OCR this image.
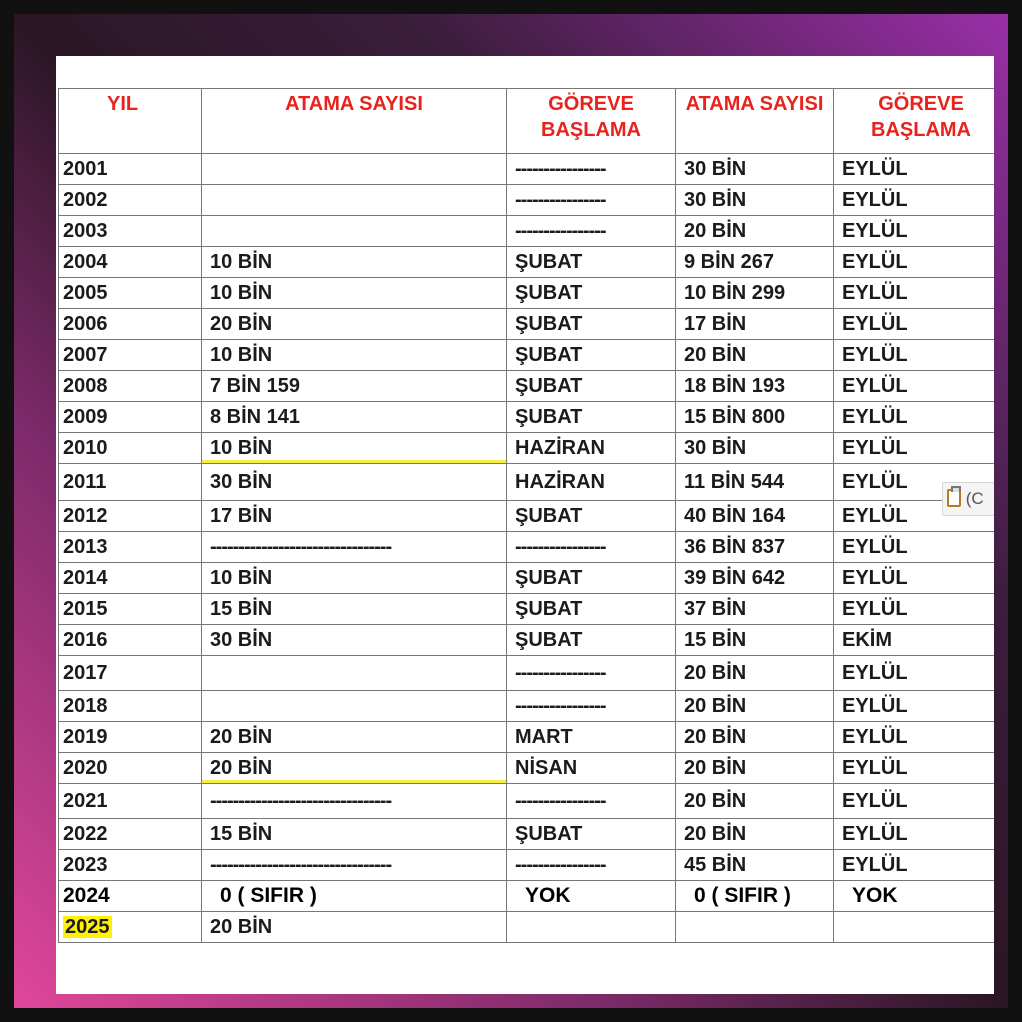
YIL	ATAMA SAYISI	GÖREVE BAŞLAMA	ATAMA SAYISI	GÖREVE BAŞLAMA
2001		----------------	30 BİN	EYLÜL
2002		----------------	30 BİN	EYLÜL
2003		----------------	20 BİN	EYLÜL
2004	10 BİN	ŞUBAT	9 BİN 267	EYLÜL
2005	10 BİN	ŞUBAT	10 BİN 299	EYLÜL
2006	20 BİN	ŞUBAT	17 BİN	EYLÜL
2007	10 BİN	ŞUBAT	20 BİN	EYLÜL
2008	7 BİN 159	ŞUBAT	18 BİN 193	EYLÜL
2009	8 BİN 141	ŞUBAT	15 BİN 800	EYLÜL
2010	10 BİN	HAZİRAN	30 BİN	EYLÜL
2011	30 BİN	HAZİRAN	11 BİN 544	EYLÜL
2012	17 BİN	ŞUBAT	40 BİN 164	EYLÜL
2013	--------------------------------	----------------	36 BİN 837	EYLÜL
2014	10 BİN	ŞUBAT	39 BİN 642	EYLÜL
2015	15 BİN	ŞUBAT	37 BİN	EYLÜL
2016	30 BİN	ŞUBAT	15 BİN	EKİM
2017		----------------	20 BİN	EYLÜL
2018		----------------	20 BİN	EYLÜL
2019	20 BİN	MART	20 BİN	EYLÜL
2020	20 BİN	NİSAN	20 BİN	EYLÜL
2021	--------------------------------	----------------	20 BİN	EYLÜL
2022	15 BİN	ŞUBAT	20 BİN	EYLÜL
2023	--------------------------------	----------------	45 BİN	EYLÜL
2024	0 ( SIFIR )	YOK	0 ( SIFIR )	YOK
2025	20 BİN			
(C
